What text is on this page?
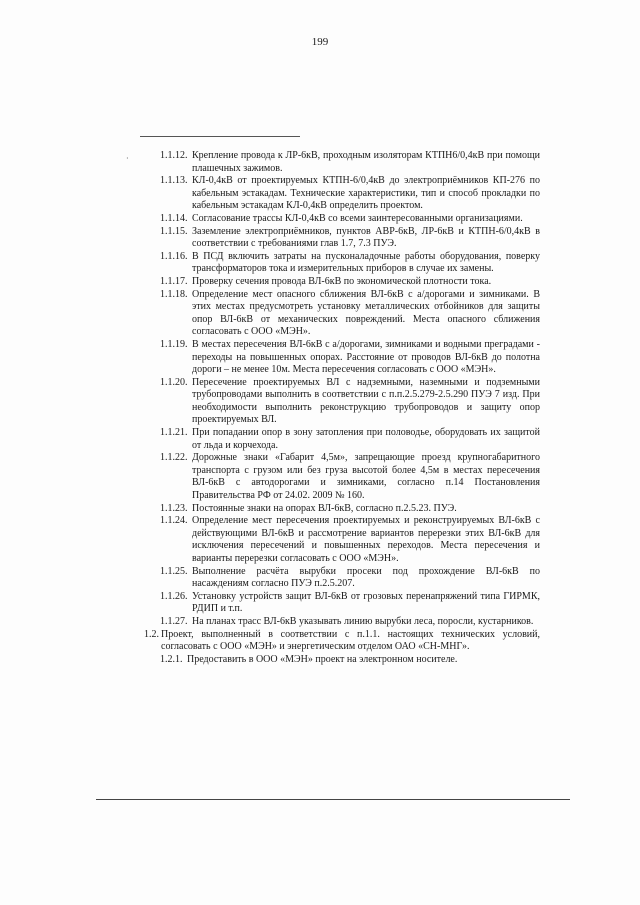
199
·	1.1.12. Крепление провода к ЛР-6кВ, проходным изоляторам КТПН6/0,4кВ при помощи плашечных зажимов.
1.1.13. КЛ-0,4кВ от проектируемых КТПН-6/0,4кВ до электроприёмников КП-276 по кабельным эстакадам. Технические характеристики, тип и способ прокладки по кабельным эстакадам КЛ-0,4кВ определить проектом.
1.1.14. Согласование трассы КЛ-0,4кВ со всеми заинтересованными организациями.
1.1.15. Заземление электроприёмников, пунктов АВР-6кВ, ЛР-6кВ и КТПН-6/0,4кВ в соответствии с требованиями глав 1.7, 7.3 ПУЭ.
1.1.16. В ПСД включить затраты на пусконаладочные работы оборудования, поверку трансформаторов тока и измерительных приборов в случае их замены.
1.1.17. Проверку сечения провода ВЛ-6кВ по экономической плотности тока.
1.1.18. Определение мест опасного сближения ВЛ-6кВ с а/дорогами и зимниками. В этих местах предусмотреть установку металлических отбойников для защиты опор ВЛ-6кВ от механических повреждений. Места опасного сближения согласовать с ООО «МЭН».
1.1.19. В местах пересечения ВЛ-6кВ с а/дорогами, зимниками и водными преградами - переходы на повышенных опорах. Расстояние от проводов ВЛ-6кВ до полотна дороги – не менее 10м. Места пересечения согласовать с ООО «МЭН».
1.1.20. Пересечение проектируемых ВЛ с надземными, наземными и подземными трубопроводами выполнить в соответствии с п.п.2.5.279-2.5.290 ПУЭ 7 изд. При необходимости выполнить реконструкцию трубопроводов и защиту опор проектируемых ВЛ.
1.1.21. При попадании опор в зону затопления при половодье, оборудовать их защитой от льда и корчехода.
1.1.22. Дорожные знаки «Габарит 4,5м», запрещающие проезд крупногабаритного транспорта с грузом или без груза высотой более 4,5м в местах пересечения ВЛ-6кВ с автодорогами и зимниками, согласно п.14 Постановления Правительства РФ от 24.02. 2009 № 160.
1.1.23. Постоянные знаки на опорах ВЛ-6кВ, согласно п.2.5.23. ПУЭ.
1.1.24. Определение мест пересечения проектируемых и реконструируемых ВЛ-6кВ с действующими ВЛ-6кВ и рассмотрение вариантов перерезки этих ВЛ-6кВ для исключения пересечений и повышенных переходов. Места пересечения и варианты перерезки согласовать с ООО «МЭН».
1.1.25. Выполнение расчёта вырубки просеки под прохождение ВЛ-6кВ по насаждениям согласно ПУЭ п.2.5.207.
1.1.26. Установку устройств защит ВЛ-6кВ от грозовых перенапряжений типа ГИРМК, РДИП и т.п.
1.1.27. На планах трасс ВЛ-6кВ указывать линию вырубки леса, поросли, кустарников.
1.2. Проект, выполненный в соответствии с п.1.1. настоящих технических условий, согласовать с ООО «МЭН» и энергетическим отделом ОАО «СН-МНГ».
1.2.1. Предоставить в ООО «МЭН» проект на электронном носителе.
